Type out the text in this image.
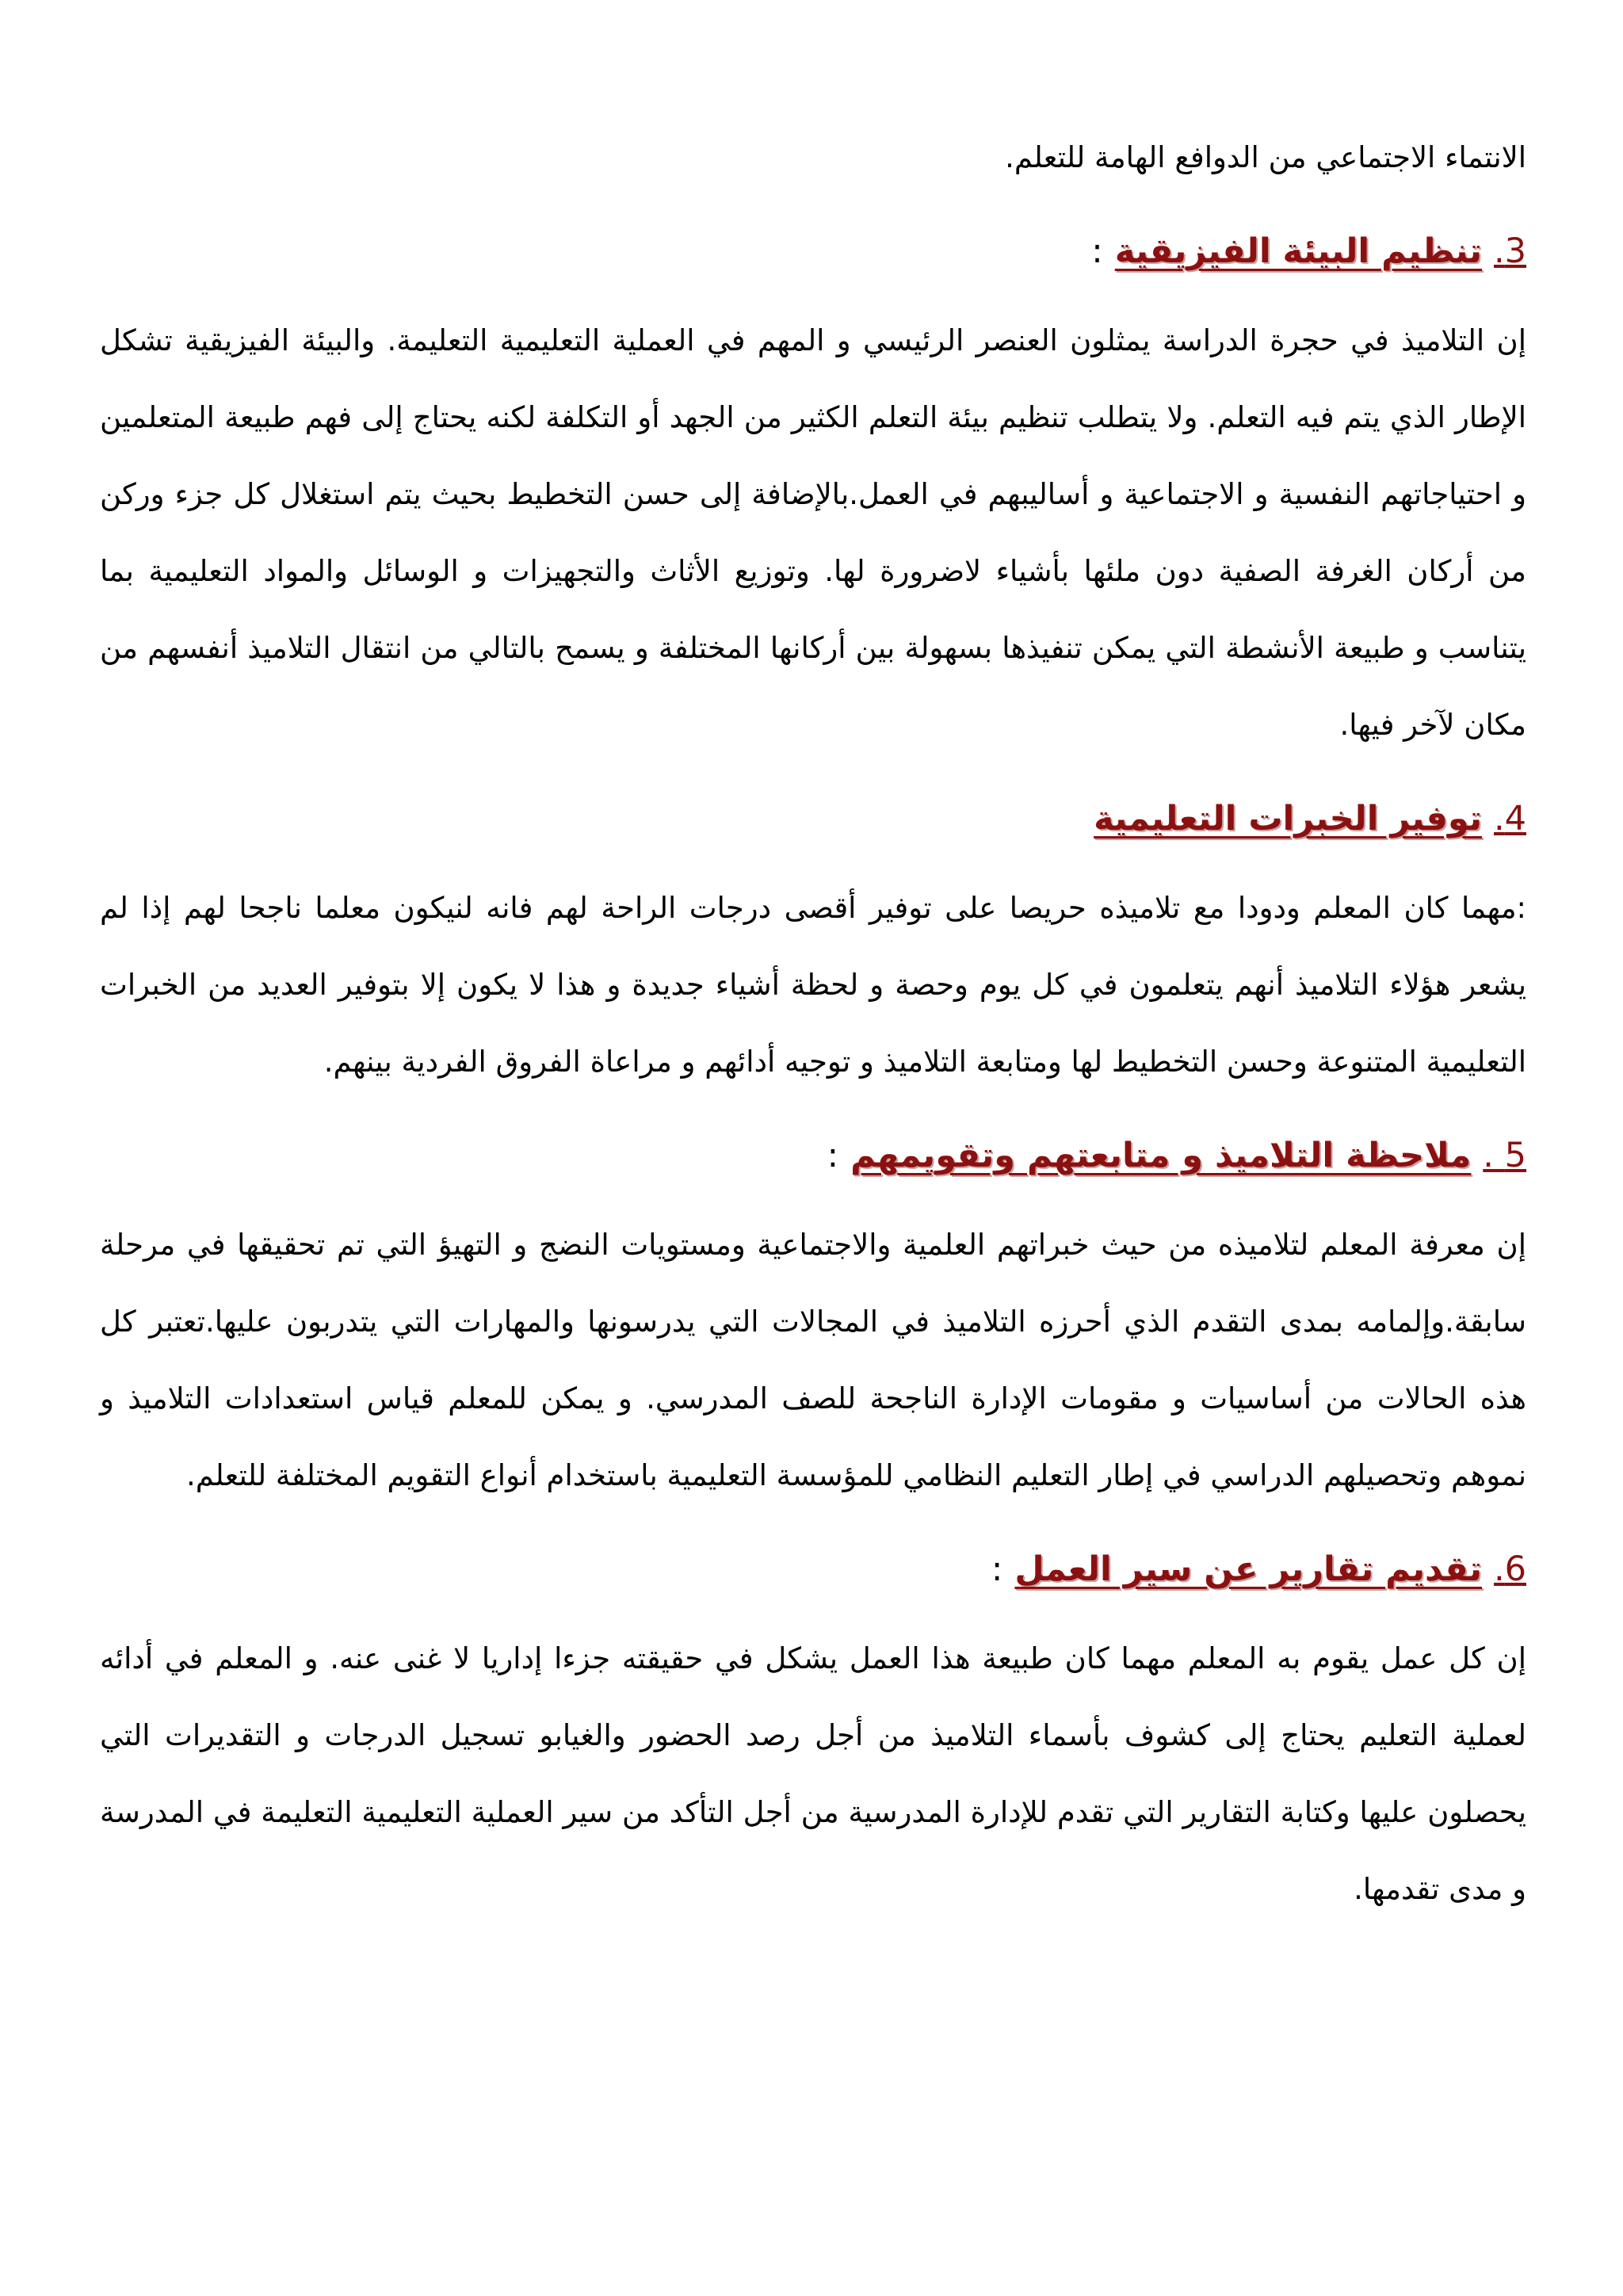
الانتماء الاجتماعي من الدوافع الهامة للتعلم.

3. تنظيم البيئة الفيزيقية :

إن التلاميذ في حجرة الدراسة يمثلون العنصر الرئيسي و المهم في العملية التعليمية التعليمة. والبيئة الفيزيقية تشكل الإطار الذي يتم فيه التعلم. ولا يتطلب تنظيم بيئة التعلم الكثير من الجهد أو التكلفة لكنه يحتاج إلى فهم طبيعة المتعلمين و احتياجاتهم النفسية و الاجتماعية و أساليبهم في العمل.بالإضافة إلى حسن التخطيط بحيث يتم استغلال كل جزء وركن من أركان الغرفة الصفية دون ملئها بأشياء لاضرورة لها. وتوزيع الأثاث والتجهيزات و الوسائل والمواد التعليمية بما يتناسب و طبيعة الأنشطة التي يمكن تنفيذها بسهولة بين أركانها المختلفة و يسمح بالتالي من انتقال التلاميذ أنفسهم من مكان لآخر فيها.

4. توفير الخبرات التعليمية

:مهما كان المعلم ودودا مع تلاميذه حريصا على توفير أقصى درجات الراحة لهم فانه لنيكون معلما ناجحا لهم إذا لم يشعر هؤلاء التلاميذ أنهم يتعلمون في كل يوم وحصة و لحظة أشياء جديدة و هذا لا يكون إلا بتوفير العديد من الخبرات التعليمية المتنوعة وحسن التخطيط لها ومتابعة التلاميذ و توجيه أدائهم و مراعاة الفروق الفردية بينهم.

5 . ملاحظة التلاميذ و متابعتهم وتقويمهم :

إن معرفة المعلم لتلاميذه من حيث خبراتهم العلمية والاجتماعية ومستويات النضج و التهيؤ التي تم تحقيقها في مرحلة سابقة.وإلمامه بمدى التقدم الذي أحرزه التلاميذ في المجالات التي يدرسونها والمهارات التي يتدربون عليها.تعتبر كل هذه الحالات من أساسيات و مقومات الإدارة الناجحة للصف المدرسي. و يمكن للمعلم قياس استعدادات التلاميذ و نموهم وتحصيلهم الدراسي في إطار التعليم النظامي للمؤسسة التعليمية باستخدام أنواع التقويم المختلفة للتعلم.

6. تقديم تقارير عن سير العمل :

إن كل عمل يقوم به المعلم مهما كان طبيعة هذا العمل يشكل في حقيقته جزءا إداريا لا غنى عنه. و المعلم في أدائه لعملية التعليم يحتاج إلى كشوف بأسماء التلاميذ من أجل رصد الحضور والغيابو تسجيل الدرجات و التقديرات التي يحصلون عليها وكتابة التقارير التي تقدم للإدارة المدرسية من أجل التأكد من سير العملية التعليمية التعليمة في المدرسة و مدى تقدمها.
